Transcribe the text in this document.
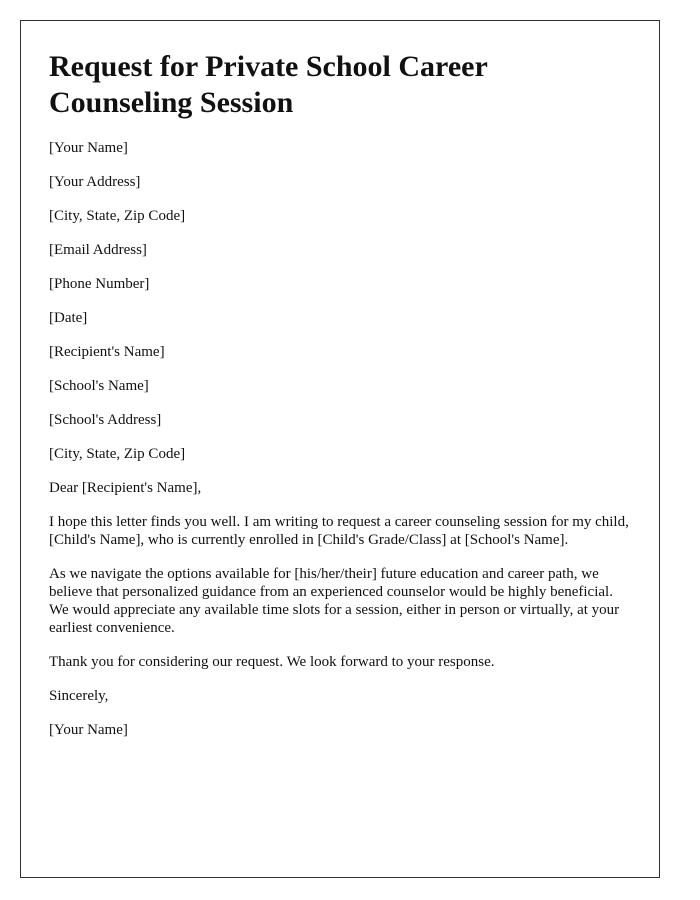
Request for Private School Career Counseling Session

[Your Name]

[Your Address]

[City, State, Zip Code]

[Email Address]

[Phone Number]

[Date]

[Recipient's Name]

[School's Name]

[School's Address]

[City, State, Zip Code]

Dear [Recipient's Name],

I hope this letter finds you well. I am writing to request a career counseling session for my child, [Child's Name], who is currently enrolled in [Child's Grade/Class] at [School's Name].

As we navigate the options available for [his/her/their] future education and career path, we believe that personalized guidance from an experienced counselor would be highly beneficial. We would appreciate any available time slots for a session, either in person or virtually, at your earliest convenience.

Thank you for considering our request. We look forward to your response.

Sincerely,

[Your Name]
